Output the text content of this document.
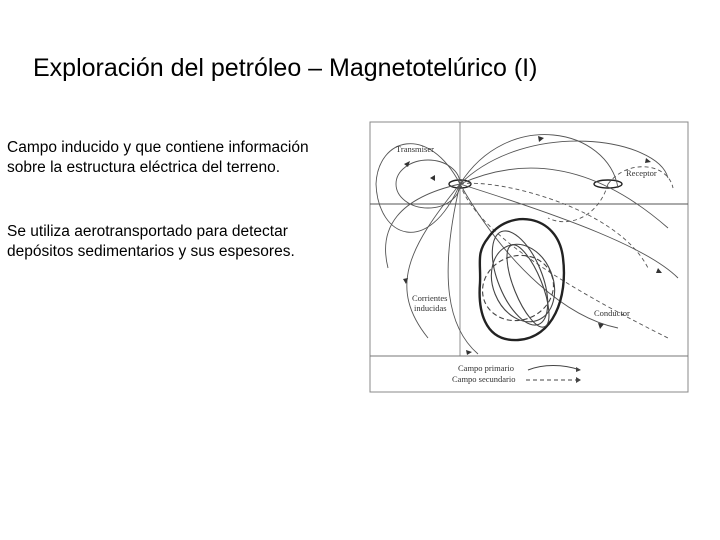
Exploración del petróleo – Magnetotelúrico (I)
Campo inducido y que contiene información
sobre la estructura eléctrica del terreno.
Se utiliza aerotransportado para detectar
depósitos sedimentarios y sus espesores.
Transmiser
Receptor
Corrientes
inducidas	Conductor
Campo primario
Campo secundario
